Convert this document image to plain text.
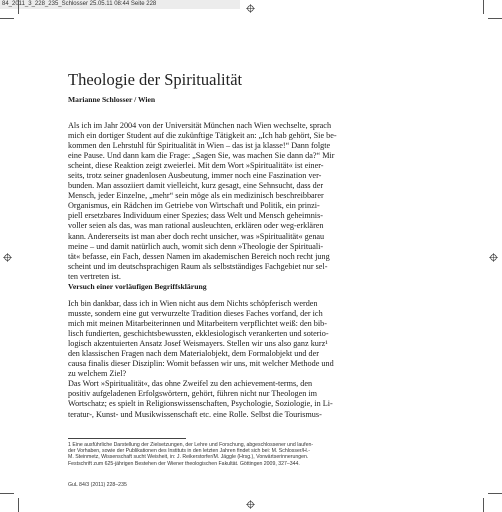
84_2011_3_228_235_Schlosser 25.05.11 08:44 Seite 228
Theologie der Spiritualität
Marianne Schlosser / Wien
Als ich im Jahr 2004 von der Universität München nach Wien wechselte, sprach
mich ein dortiger Student auf die zukünftige Tätigkeit an: „Ich hab gehört, Sie be-
kommen den Lehrstuhl für Spiritualität in Wien – das ist ja klasse!“ Dann folgte
eine Pause. Und dann kam die Frage: „Sagen Sie, was machen Sie dann da?“ Mir
scheint, diese Reaktion zeigt zweierlei. Mit dem Wort »Spiritualität« ist einer-
seits, trotz seiner gnadenlosen Ausbeutung, immer noch eine Faszination ver-
bunden. Man assoziiert damit vielleicht, kurz gesagt, eine Sehnsucht, dass der
Mensch, jeder Einzelne, „mehr“ sein möge als ein medizinisch beschreibbarer
Organismus, ein Rädchen im Getriebe von Wirtschaft und Politik, ein prinzi-
piell ersetzbares Individuum einer Spezies; dass Welt und Mensch geheimnis-
voller seien als das, was man rational ausleuchten, erklären oder weg-erklären
kann. Andererseits ist man aber doch recht unsicher, was »Spiritualität« genau
meine – und damit natürlich auch, womit sich denn »Theologie der Spirituali-
tät« befasse, ein Fach, dessen Namen im akademischen Bereich noch recht jung
scheint und im deutschsprachigen Raum als selbstständiges Fachgebiet nur sel-
ten vertreten ist.
Versuch einer vorläufigen Begriffsklärung
Ich bin dankbar, dass ich in Wien nicht aus dem Nichts schöpferisch werden
musste, sondern eine gut verwurzelte Tradition dieses Faches vorfand, der ich
mich mit meinen Mitarbeiterinnen und Mitarbeitern verpflichtet weiß: den bib-
lisch fundierten, geschichtsbewussten, ekklesiologisch verankerten und soterio-
logisch akzentuierten Ansatz Josef Weismayers. Stellen wir uns also ganz kurz¹
den klassischen Fragen nach dem Materialobjekt, dem Formalobjekt und der
causa finalis dieser Disziplin: Womit befassen wir uns, mit welcher Methode und
zu welchem Ziel?
Das Wort »Spiritualität«, das ohne Zweifel zu den achievement-terms, den
positiv aufgeladenen Erfolgswörtern, gehört, führen nicht nur Theologen im
Wortschatz; es spielt in Religionswissenschaften, Psychologie, Soziologie, in Li-
teratur-, Kunst- und Musikwissenschaft etc. eine Rolle. Selbst die Tourismus-
1 Eine ausführliche Darstellung der Zielsetzungen, der Lehre und Forschung, abgeschlossener und laufen-
der Vorhaben, sowie der Publikationen des Instituts in den letzten Jahren findet sich bei: M. Schlosser/H.-
M. Steinmetz, Wissenschaft sucht Weisheit, in: J. Reikerstorfer/M. Jäggle (Hrsg.), Vorwärtserinnerungen.
Festschrift zum 625-jährigen Bestehen der Wiener theologischen Fakultät. Göttingen 2009, 327–344.
GuL 84/3 (2011) 228–235
